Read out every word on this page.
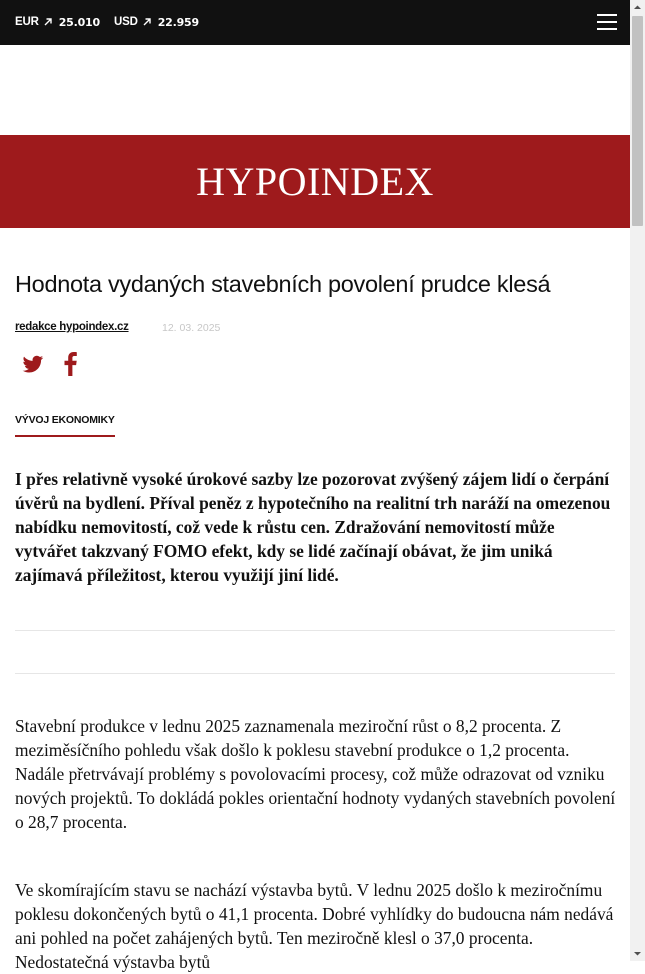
EUR 25.010 USD 22.959
HYPOINDEX
Hodnota vydaných stavebních povolení prudce klesá
redakce hypoindex.cz	12. 03. 2025
VÝVOJ EKONOMIKY

I přes relativně vysoké úrokové sazby lze pozorovat zvýšený zájem lidí o čerpání úvěrů na bydlení. Příval peněz z hypotečního na realitní trh naráží na omezenou nabídku nemovitostí, což vede k růstu cen. Zdražování nemovitostí může vytvářet takzvaný FOMO efekt, kdy se lidé začínají obávat, že jim uniká zajímavá příležitost, kterou využijí jiní lidé.

Stavební produkce v lednu 2025 zaznamenala meziroční růst o 8,2 procenta. Z meziměsíčního pohledu však došlo k poklesu stavební produkce o 1,2 procenta. Nadále přetrvávají problémy s povolovacími procesy, což může odrazovat od vzniku nových projektů. To dokládá pokles orientační hodnoty vydaných stavebních povolení o 28,7 procenta.

Ve skomírajícím stavu se nachází výstavba bytů. V lednu 2025 došlo k meziročnímu poklesu dokončených bytů o 41,1 procenta. Dobré vyhlídky do budoucna nám nedává ani pohled na počet zahájených bytů. Ten meziročně klesl o 37,0 procenta. Nedostatečná výstavba bytů
